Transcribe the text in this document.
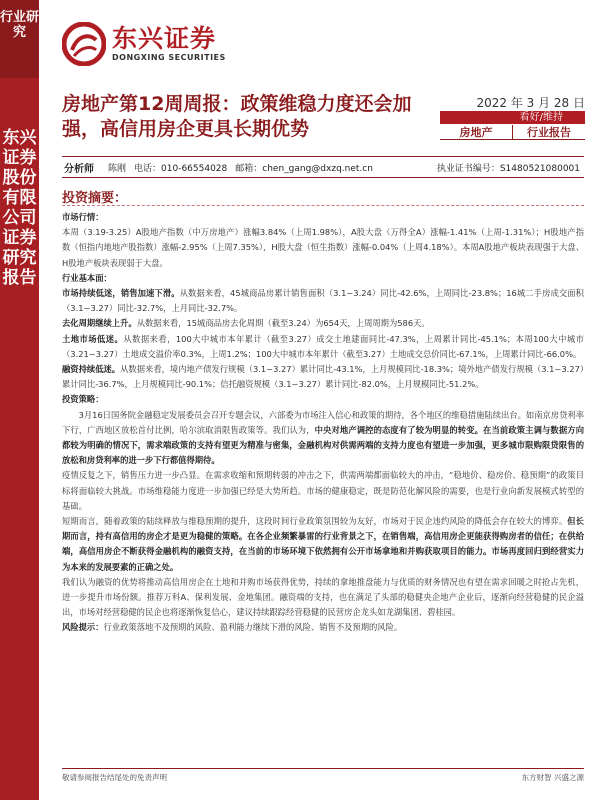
行业研究
东兴证券股份有限公司证券研究报告
东兴证券
DONGXING SECURITIES
房地产第12周周报：政策维稳力度还会加强，高信用房企更具长期优势
2022 年 3 月 28 日
看好/维持
房地产	行业报告
分析师 陈刚 电话：010-66554028 邮箱：chen_gang@dxzq.net.cn	执业证书编号：S1480521080001
投资摘要：

市场行情：

本周（3.19-3.25）A股地产指数（中万房地产）涨幅3.84%（上周1.98%），A股大盘（万得全A）涨幅-1.41%（上周-1.31%）；H股地产指数（恒指内地地产股指数）涨幅-2.95%（上周7.35%），H股大盘（恒生指数）涨幅-0.04%（上周4.18%）。本周A股地产板块表现强于大盘、H股地产板块表现弱于大盘。

行业基本面：

市场持续低迷，销售加速下滑。从数据来看，45城商品房累计销售面积（3.1~3.24）同比-42.6%，上周同比-23.8%；16城二手房成交面积（3.1~3.27）同比-32.7%，上月同比-32.7%。

去化周期继续上升。从数据来看，15城商品房去化周期（截至3.24）为654天，上周周期为586天。

土地市场低迷。从数据来看，100大中城市本年累计（截至3.27）成交土地建面同比-47.3%，上周累计同比-45.1%；本周100大中城市（3.21~3.27）土地成交溢价率0.3%，上周1.2%；100大中城市本年累计（截至3.27）土地成交总价同比-67.1%，上周累计同比-66.0%。

融资持续低迷。从数据来看，境内地产债发行规模（3.1~3.27）累计同比-43.1%，上月规模同比-18.3%；境外地产债发行规模（3.1~3.27）累计同比-36.7%，上月规模同比-90.1%；信托融资规模（3.1~3.27）累计同比-82.0%，上月规模同比-51.2%。

投资策略：

3月16日国务院金融稳定发展委员会召开专题会议，六部委为市场注入信心和政策的期待，各个地区的维稳措施陆续出台。如南京房贷利率下行，广西地区放松首付比例，哈尔滨取消限售政策等。我们认为，中央对地产调控的态度有了较为明显的转变。在当前政策主调与数据方向都较为明确的情况下，需求端政策的支持有望更为精准与密集，金融机构对供需两端的支持力度也有望进一步加强，更多城市限购限贷限售的放松和房贷利率的进一步下行都值得期待。

疫情反复之下，销售压力进一步凸显。在需求收缩和预期转弱的冲击之下，供需两端都面临较大的冲击，“稳地价、稳房价、稳预期”的政策目标将面临较大挑战。市场维稳能力度进一步加强已经是大势所趋。市场的健康稳定，既是防范化解风险的需要，也是行业向新发展模式转型的基础。

短期而言，随着政策的陆续释放与维稳预期的提升，这段时间行业政策氛围较为友好，市场对于民企违约风险的降低会存在较大的博弈。但长期而言，持有高信用的房企才是更为稳健的策略。在各企业频繁暴雷的行业背景之下，在销售端，高信用房企更能获得购房者的信任；在供给端，高信用房企不断获得金融机构的融资支持，在当前的市场环境下依然拥有公开市场拿地和并购获取项目的能力。市场再度回归到经营实力为本来的发展要素的正确之处。

我们认为融资的优势将推动高信用房企在土地和并购市场获得优势，持续的拿地推盘能力与优质的财务情况也有望在需求回暖之时抢占先机，进一步提升市场份额。推荐万科A、保利发展、金地集团。融资端的支持，也在满足了头部的稳健央企地产企业后，逐渐向经营稳健的民企溢出，市场对经营稳健的民企也将逐渐恢复信心，建议持续跟踪经营稳健的民营房企龙头如龙湖集团、碧桂园。

风险提示：行业政策落地不及预期的风险、盈利能力继续下滑的风险、销售不及预期的风险。

敬请参阅报告结尾处的免责声明	东方财智 兴盛之源
